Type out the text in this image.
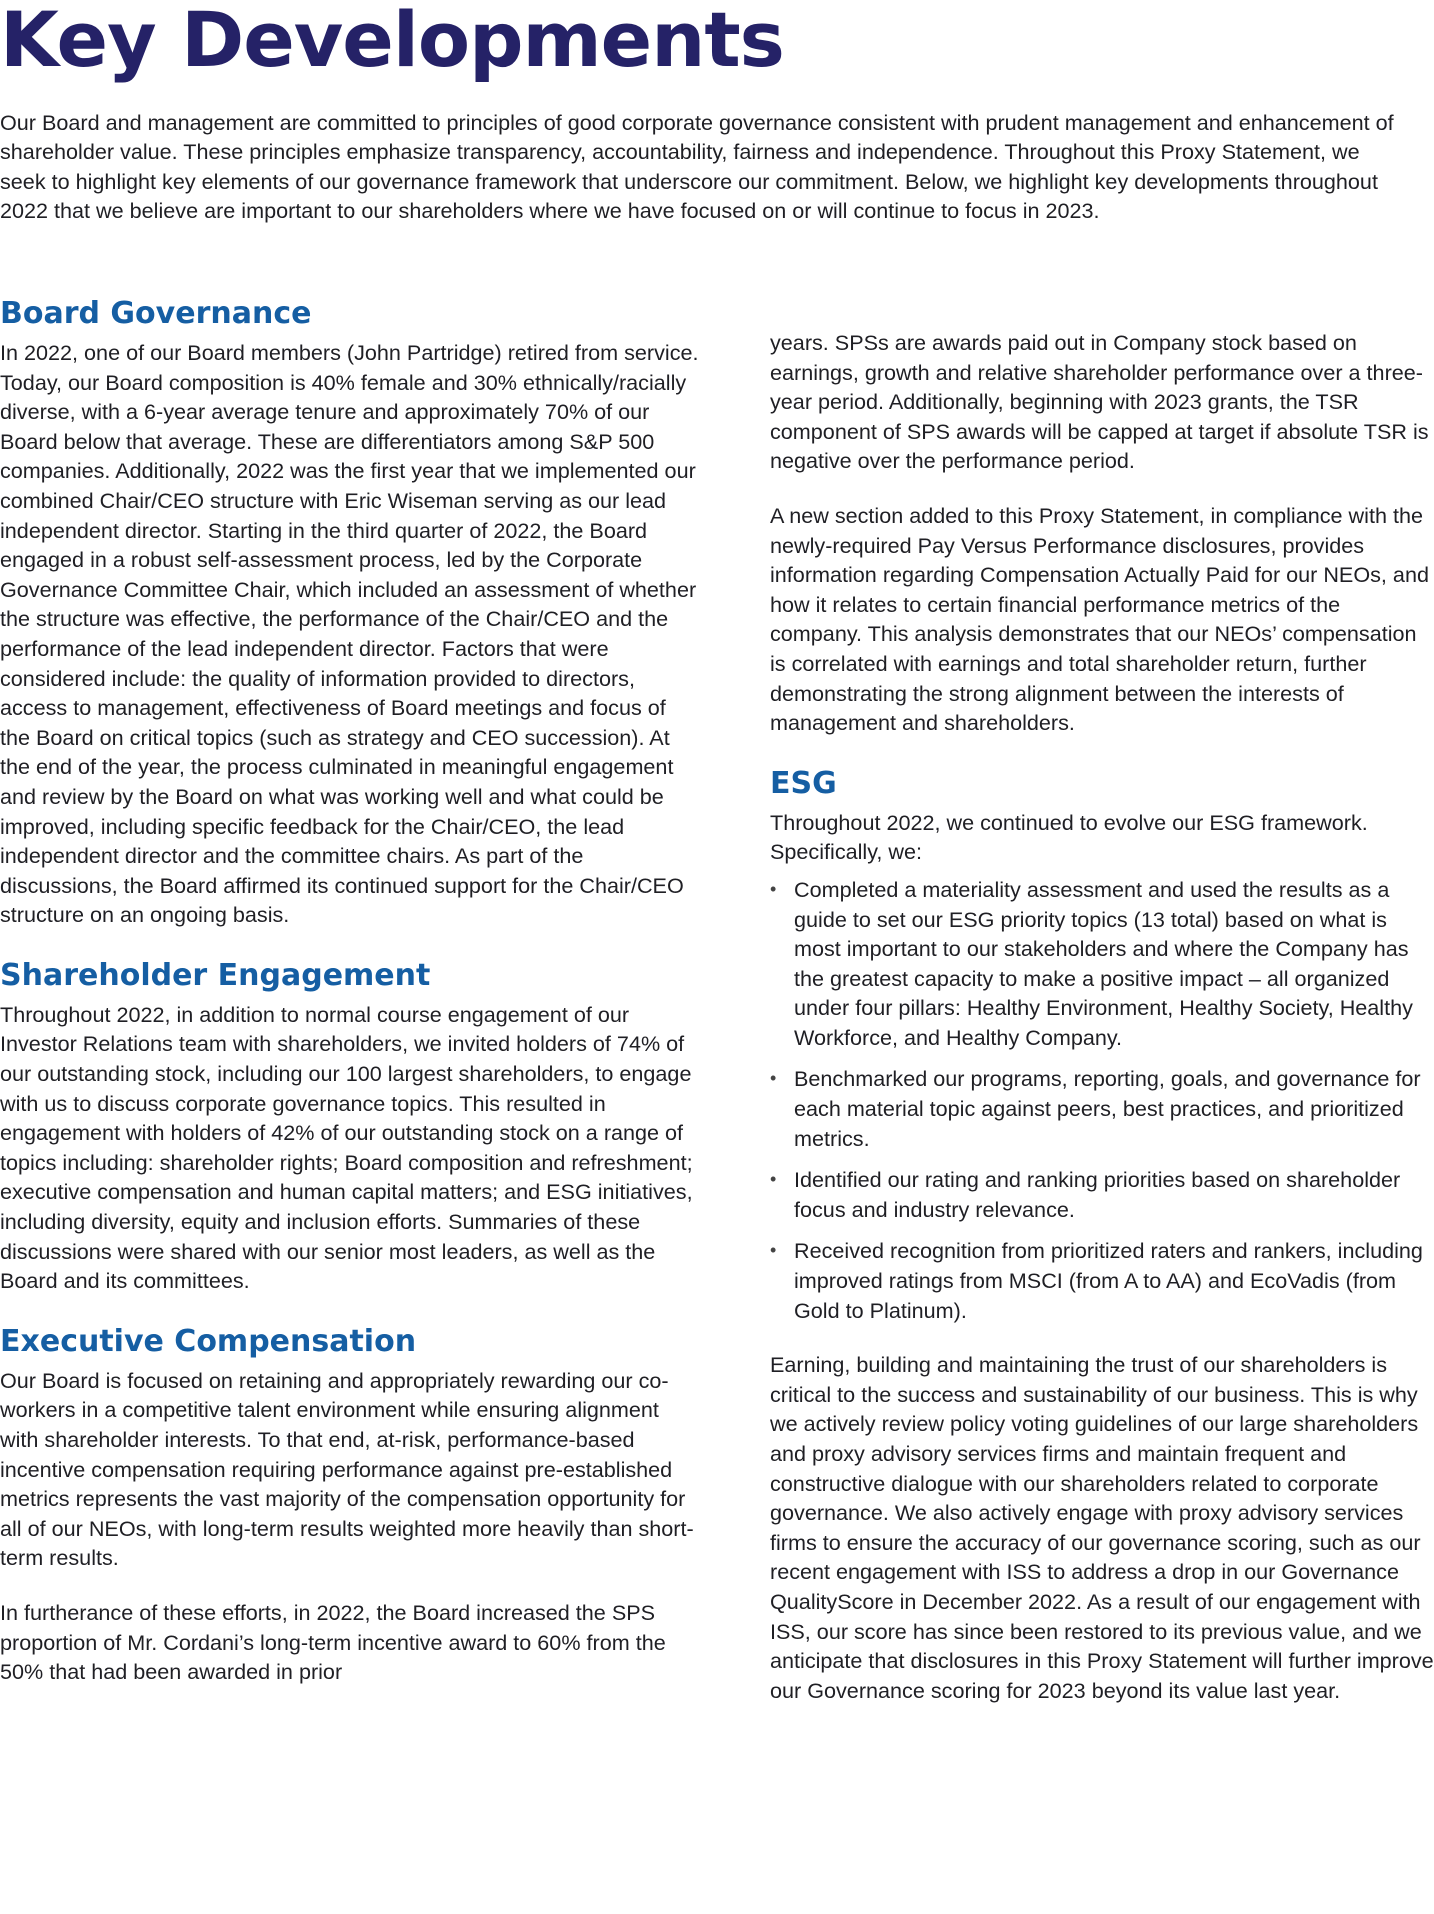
Key Developments

Our Board and management are committed to principles of good corporate governance consistent with prudent management and enhancement of shareholder value. These principles emphasize transparency, accountability, fairness and independence. Throughout this Proxy Statement, we seek to highlight key elements of our governance framework that underscore our commitment. Below, we highlight key developments throughout 2022 that we believe are important to our shareholders where we have focused on or will continue to focus in 2023.

Board Governance

In 2022, one of our Board members (John Partridge) retired from service. Today, our Board composition is 40% female and 30% ethnically/racially diverse, with a 6-year average tenure and approximately 70% of our Board below that average. These are differentiators among S&P 500 companies. Additionally, 2022 was the first year that we implemented our combined Chair/CEO structure with Eric Wiseman serving as our lead independent director. Starting in the third quarter of 2022, the Board engaged in a robust self-assessment process, led by the Corporate Governance Committee Chair, which included an assessment of whether the structure was effective, the performance of the Chair/CEO and the performance of the lead independent director. Factors that were considered include: the quality of information provided to directors, access to management, effectiveness of Board meetings and focus of the Board on critical topics (such as strategy and CEO succession). At the end of the year, the process culminated in meaningful engagement and review by the Board on what was working well and what could be improved, including specific feedback for the Chair/CEO, the lead independent director and the committee chairs. As part of the discussions, the Board affirmed its continued support for the Chair/CEO structure on an ongoing basis.

Shareholder Engagement

Throughout 2022, in addition to normal course engagement of our Investor Relations team with shareholders, we invited holders of 74% of our outstanding stock, including our 100 largest shareholders, to engage with us to discuss corporate governance topics. This resulted in engagement with holders of 42% of our outstanding stock on a range of topics including: shareholder rights; Board composition and refreshment; executive compensation and human capital matters; and ESG initiatives, including diversity, equity and inclusion efforts. Summaries of these discussions were shared with our senior most leaders, as well as the Board and its committees.

Executive Compensation

Our Board is focused on retaining and appropriately rewarding our co-workers in a competitive talent environment while ensuring alignment with shareholder interests. To that end, at-risk, performance-based incentive compensation requiring performance against pre-established metrics represents the vast majority of the compensation opportunity for all of our NEOs, with long-term results weighted more heavily than short-term results.

In furtherance of these efforts, in 2022, the Board increased the SPS proportion of Mr. Cordani’s long-term incentive award to 60% from the 50% that had been awarded in prior

years. SPSs are awards paid out in Company stock based on earnings, growth and relative shareholder performance over a three-year period. Additionally, beginning with 2023 grants, the TSR component of SPS awards will be capped at target if absolute TSR is negative over the performance period.

A new section added to this Proxy Statement, in compliance with the newly-required Pay Versus Performance disclosures, provides information regarding Compensation Actually Paid for our NEOs, and how it relates to certain financial performance metrics of the company. This analysis demonstrates that our NEOs’ compensation is correlated with earnings and total shareholder return, further demonstrating the strong alignment between the interests of management and shareholders.

ESG

Throughout 2022, we continued to evolve our ESG framework. Specifically, we:

• Completed a materiality assessment and used the results as a guide to set our ESG priority topics (13 total) based on what is most important to our stakeholders and where the Company has the greatest capacity to make a positive impact – all organized under four pillars: Healthy Environment, Healthy Society, Healthy Workforce, and Healthy Company.
• Benchmarked our programs, reporting, goals, and governance for each material topic against peers, best practices, and prioritized metrics.
• Identified our rating and ranking priorities based on shareholder focus and industry relevance.
• Received recognition from prioritized raters and rankers, including improved ratings from MSCI (from A to AA) and EcoVadis (from Gold to Platinum).

Earning, building and maintaining the trust of our shareholders is critical to the success and sustainability of our business. This is why we actively review policy voting guidelines of our large shareholders and proxy advisory services firms and maintain frequent and constructive dialogue with our shareholders related to corporate governance. We also actively engage with proxy advisory services firms to ensure the accuracy of our governance scoring, such as our recent engagement with ISS to address a drop in our Governance QualityScore in December 2022. As a result of our engagement with ISS, our score has since been restored to its previous value, and we anticipate that disclosures in this Proxy Statement will further improve our Governance scoring for 2023 beyond its value last year.
